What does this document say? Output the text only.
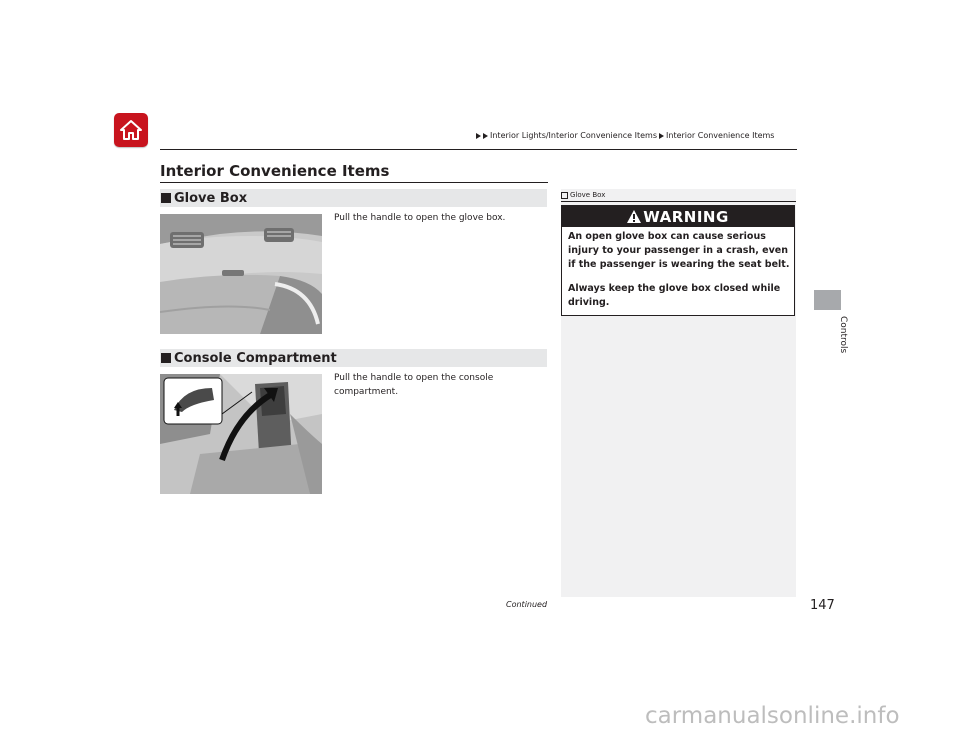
Interior Lights/Interior Convenience Items Interior Convenience Items
Controls
Interior Convenience Items
Glove Box
Pull the handle to open the glove box.
Console Compartment
Pull the handle to open the console compartment.
Glove Box
WARNING
An open glove box can cause serious injury to your passenger in a crash, even if the passenger is wearing the seat belt.
Always keep the glove box closed while driving.
Continued	147
carmanualsonline.info
